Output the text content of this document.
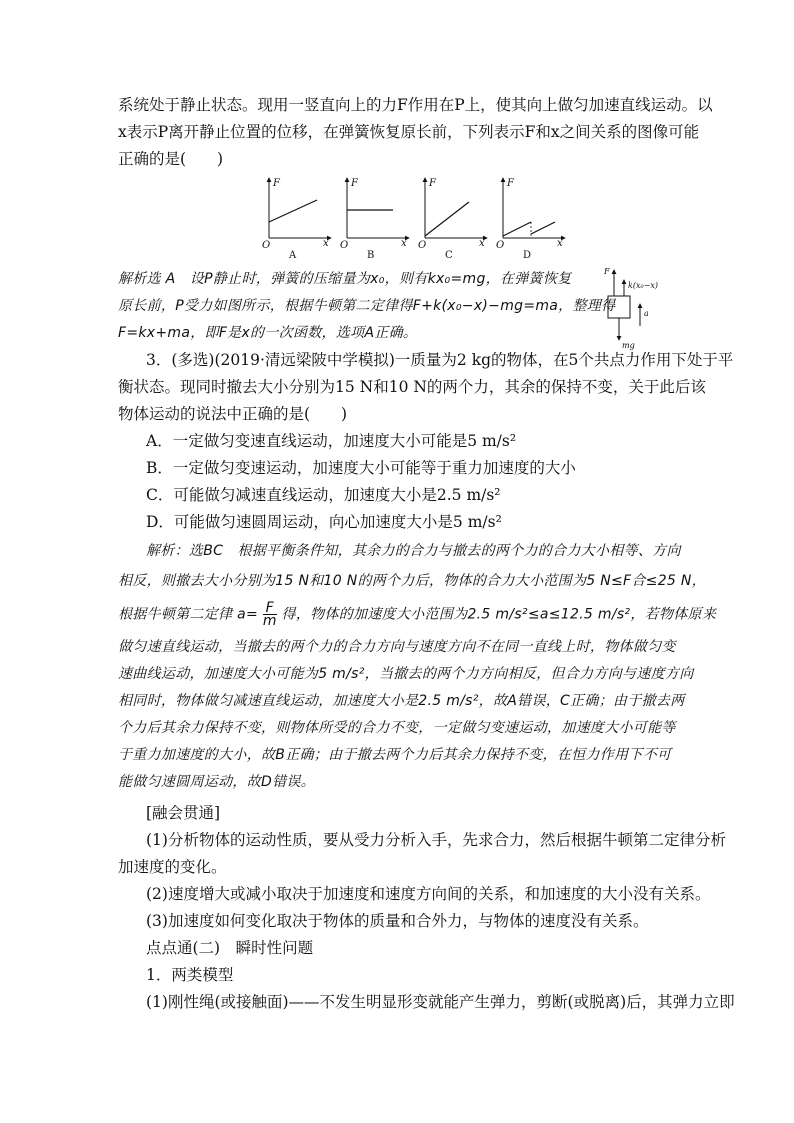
系统处于静止状态。现用一竖直向上的力F作用在P上，使其向上做匀加速直线运动。以
x表示P离开静止位置的位移，在弹簧恢复原长前，下列表示F和x之间关系的图像可能
正确的是(　　)
F
O	x
A
F
O	x
B
F
O	x
C
F
O	x
D
解析选 A　设P静止时，弹簧的压缩量为x₀，则有kx₀=mg，在弹簧恢复
原长前，P受力如图所示，根据牛顿第二定律得F+k(x₀−x)−mg=ma，整理得
F=kx+ma，即F是x的一次函数，选项A正确。
F
k(x₀−x)
a
mg
3．(多选)(2019·清远梁陂中学模拟)一质量为2 kg的物体，在5个共点力作用下处于平
衡状态。现同时撤去大小分别为15 N和10 N的两个力，其余的保持不变，关于此后该
物体运动的说法中正确的是(　　)
A．一定做匀变速直线运动，加速度大小可能是5 m/s²
B．一定做匀变速运动，加速度大小可能等于重力加速度的大小
C．可能做匀减速直线运动，加速度大小是2.5 m/s²
D．可能做匀速圆周运动，向心加速度大小是5 m/s²
解析：选BC　根据平衡条件知，其余力的合力与撤去的两个力的合力大小相等、方向
相反，则撤去大小分别为15 N和10 N的两个力后，物体的合力大小范围为5 N≤F合≤25 N，
根据牛顿第二定律 $a= \frac{F}{m}$ 得，物体的加速度大小范围为2.5 m/s²≤a≤12.5 m/s²，若物体原来
做匀速直线运动，当撤去的两个力的合力方向与速度方向不在同一直线上时，物体做匀变
速曲线运动，加速度大小可能为5 m/s²，当撤去的两个力方向相反，但合力方向与速度方向
相同时，物体做匀减速直线运动，加速度大小是2.5 m/s²，故A错误，C正确；由于撤去两
个力后其余力保持不变，则物体所受的合力不变，一定做匀变速运动，加速度大小可能等
于重力加速度的大小，故B正确；由于撤去两个力后其余力保持不变，在恒力作用下不可
能做匀速圆周运动，故D错误。
[融会贯通]
(1)分析物体的运动性质，要从受力分析入手，先求合力，然后根据牛顿第二定律分析
加速度的变化。
(2)速度增大或减小取决于加速度和速度方向间的关系，和加速度的大小没有关系。
(3)加速度如何变化取决于物体的质量和合外力，与物体的速度没有关系。
点点通(二)　瞬时性问题
1．两类模型
(1)刚性绳(或接触面)——不发生明显形变就能产生弹力，剪断(或脱离)后，其弹力立即
